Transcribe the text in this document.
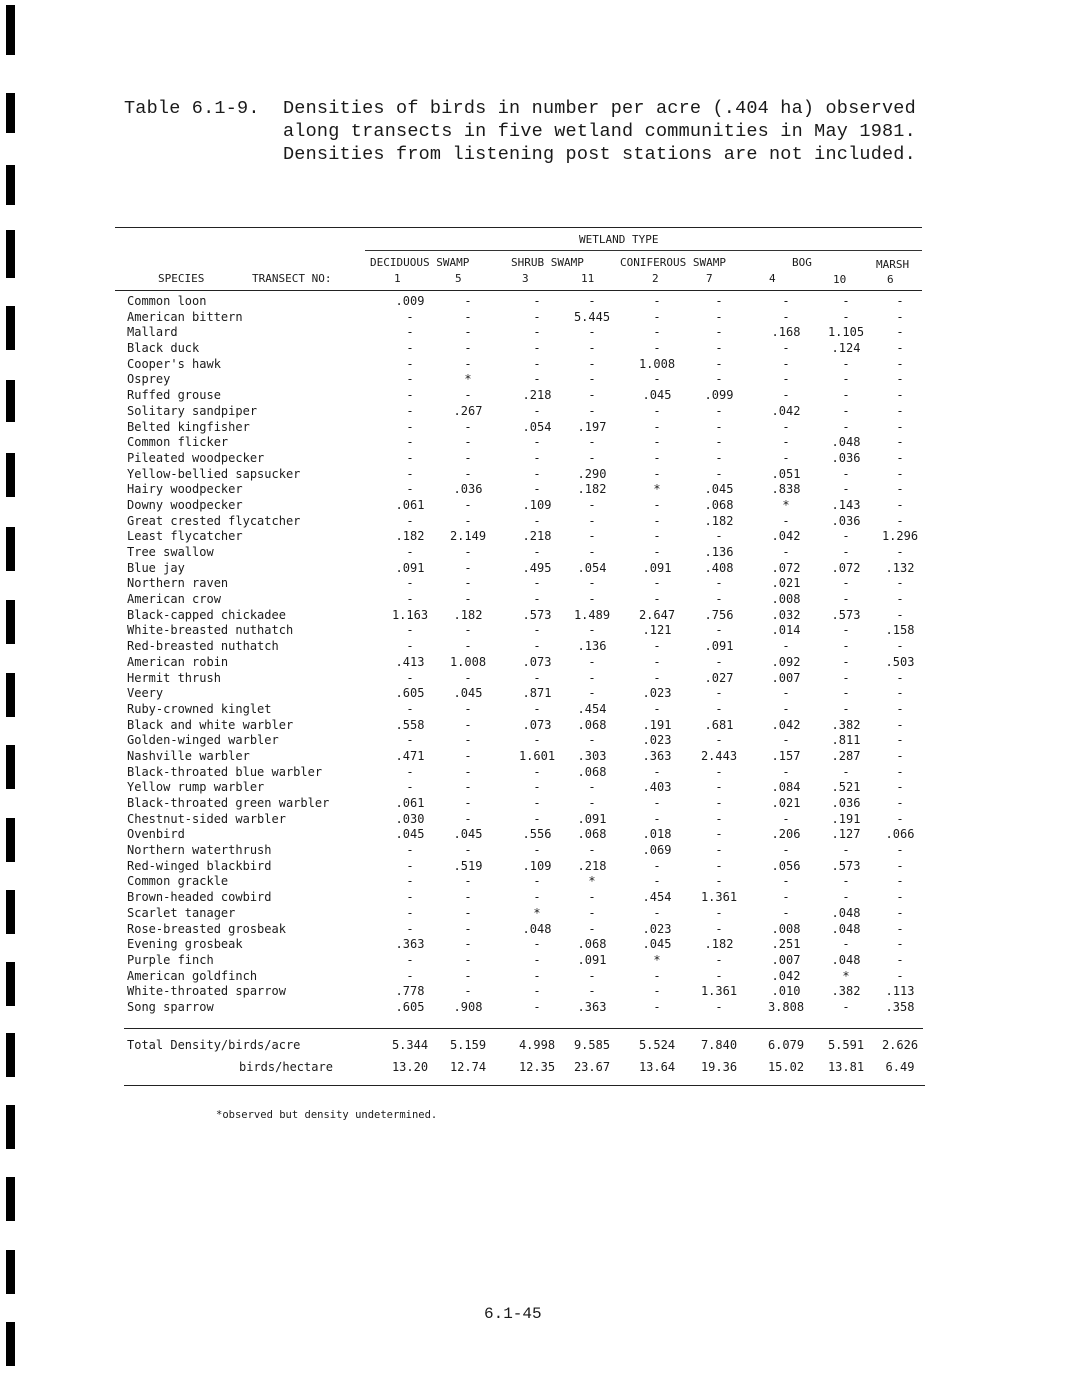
Table 6.1-9. Densities of birds in number per acre (.404 ha) observed
along transects in five wetland communities in May 1981.
Densities from listening post stations are not included.
WETLAND TYPE
DECIDUOUS SWAMP	SHRUB SWAMP	CONIFEROUS SWAMP	BOG	MARSH
SPECIES	TRANSECT NO:	1	5	3	11	2	7	4	10	6
Common loon	.009	-	-	-	-	-	-	-	-
American bittern	-	-	-	5.445	-	-	-	-	-
Mallard	-	-	-	-	-	-	.168	1.105	-
Black duck	-	-	-	-	-	-	-	.124	-
Cooper's hawk	-	-	-	-	1.008	-	-	-	-
Osprey	-	*	-	-	-	-	-	-	-
Ruffed grouse	-	-	.218	-	.045	.099	-	-	-
Solitary sandpiper	-	.267	-	-	-	-	.042	-	-
Belted kingfisher	-	-	.054	.197	-	-	-	-	-
Common flicker	-	-	-	-	-	-	-	.048	-
Pileated woodpecker	-	-	-	-	-	-	-	.036	-
Yellow-bellied sapsucker	-	-	-	.290	-	-	.051	-	-
Hairy woodpecker	-	.036	-	.182	*	.045	.838	-	-
Downy woodpecker	.061	-	.109	-	-	.068	*	.143	-
Great crested flycatcher	-	-	-	-	-	.182	-	.036	-
Least flycatcher	.182	2.149	.218	-	-	-	.042	-	1.296
Tree swallow	-	-	-	-	-	.136	-	-	-
Blue jay	.091	-	.495	.054	.091	.408	.072	.072	.132
Northern raven	-	-	-	-	-	-	.021	-	-
American crow	-	-	-	-	-	-	.008	-	-
Black-capped chickadee	1.163	.182	.573	1.489	2.647	.756	.032	.573	-
White-breasted nuthatch	-	-	-	-	.121	-	.014	-	.158
Red-breasted nuthatch	-	-	-	.136	-	.091	-	-	-
American robin	.413	1.008	.073	-	-	-	.092	-	.503
Hermit thrush	-	-	-	-	-	.027	.007	-	-
Veery	.605	.045	.871	-	.023	-	-	-	-
Ruby-crowned kinglet	-	-	-	.454	-	-	-	-	-
Black and white warbler	.558	-	.073	.068	.191	.681	.042	.382	-
Golden-winged warbler	-	-	-	-	.023	-	-	.811	-
Nashville warbler	.471	-	1.601	.303	.363	2.443	.157	.287	-
Black-throated blue warbler	-	-	-	.068	-	-	-	-	-
Yellow rump warbler	-	-	-	-	.403	-	.084	.521	-
Black-throated green warbler	.061	-	-	-	-	-	.021	.036	-
Chestnut-sided warbler	.030	-	-	.091	-	-	-	.191	-
Ovenbird	.045	.045	.556	.068	.018	-	.206	.127	.066
Northern waterthrush	-	-	-	-	.069	-	-	-	-
Red-winged blackbird	-	.519	.109	.218	-	-	.056	.573	-
Common grackle	-	-	-	*	-	-	-	-	-
Brown-headed cowbird	-	-	-	-	.454	1.361	-	-	-
Scarlet tanager	-	-	*	-	-	-	-	.048	-
Rose-breasted grosbeak	-	-	.048	-	.023	-	.008	.048	-
Evening grosbeak	.363	-	-	.068	.045	.182	.251	-	-
Purple finch	-	-	-	.091	*	-	.007	.048	-
American goldfinch	-	-	-	-	-	-	.042	*	-
White-throated sparrow	.778	-	-	-	-	1.361	.010	.382	.113
Song sparrow	.605	.908	-	.363	-	-	3.808	-	.358
Total Density/birds/acre	5.344	5.159	4.998	9.585	5.524	7.840	6.079	5.591	2.626
birds/hectare	13.20	12.74	12.35	23.67	13.64	19.36	15.02	13.81	6.49
*observed but density undetermined.
6.1-45
